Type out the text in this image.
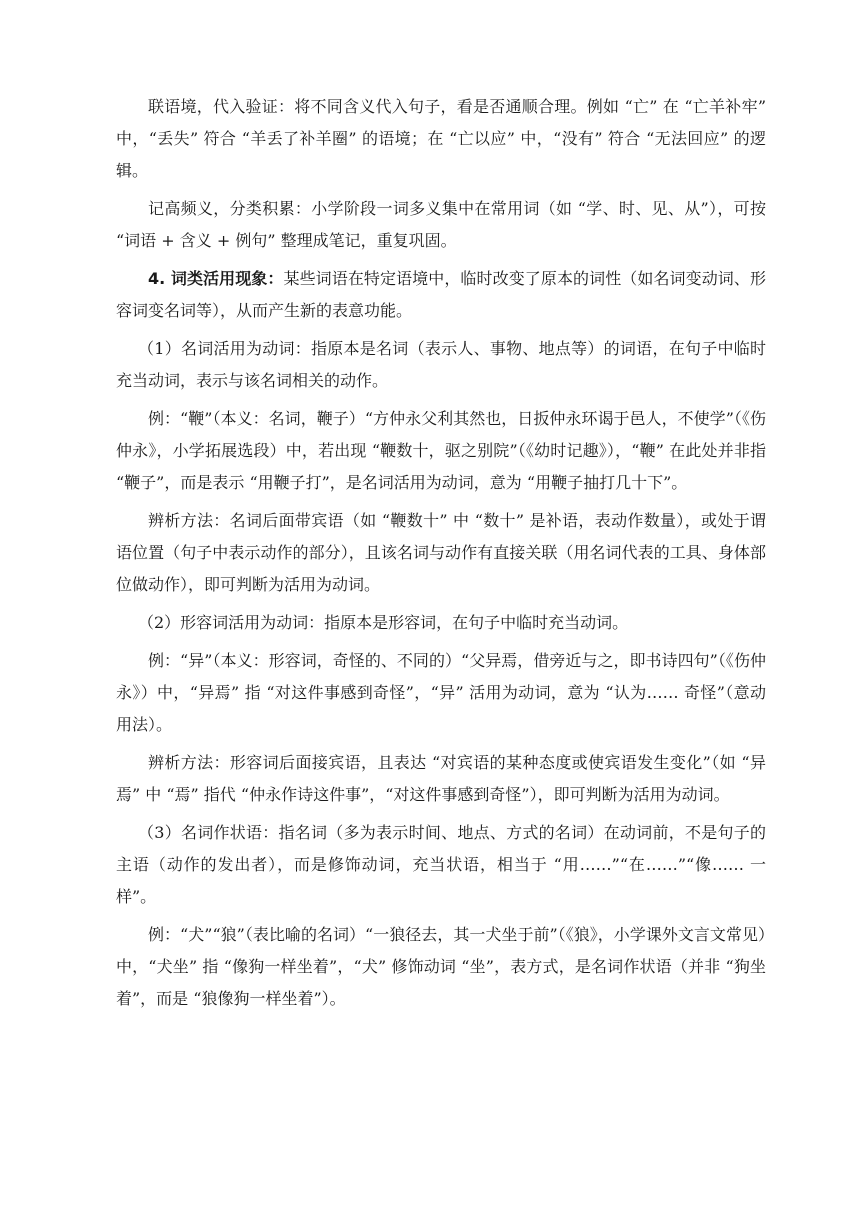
联语境，代入验证：将不同含义代入句子，看是否通顺合理。例如 “亡” 在 “亡羊补牢” 中，“丢失” 符合 “羊丢了补羊圈” 的语境；在 “亡以应” 中，“没有” 符合 “无法回应” 的逻辑。

记高频义，分类积累：小学阶段一词多义集中在常用词（如 “学、时、见、从”），可按 “词语 + 含义 + 例句” 整理成笔记，重复巩固。

4. 词类活用现象：某些词语在特定语境中，临时改变了原本的词性（如名词变动词、形容词变名词等），从而产生新的表意功能。

（1）名词活用为动词：指原本是名词（表示人、事物、地点等）的词语，在句子中临时充当动词，表示与该名词相关的动作。

例：“鞭”（本义：名词，鞭子）“方仲永父利其然也，日扳仲永环谒于邑人，不使学”（《伤仲永》，小学拓展选段）中，若出现 “鞭数十，驱之别院”（《幼时记趣》），“鞭” 在此处并非指 “鞭子”，而是表示 “用鞭子打”，是名词活用为动词，意为 “用鞭子抽打几十下”。

辨析方法：名词后面带宾语（如 “鞭数十” 中 “数十” 是补语，表动作数量），或处于谓语位置（句子中表示动作的部分），且该名词与动作有直接关联（用名词代表的工具、身体部位做动作），即可判断为活用为动词。

（2）形容词活用为动词：指原本是形容词，在句子中临时充当动词。

例：“异”（本义：形容词，奇怪的、不同的）“父异焉，借旁近与之，即书诗四句”（《伤仲永》）中，“异焉” 指 “对这件事感到奇怪”，“异” 活用为动词，意为 “认为…… 奇怪”（意动用法）。

辨析方法：形容词后面接宾语，且表达 “对宾语的某种态度或使宾语发生变化”（如 “异焉” 中 “焉” 指代 “仲永作诗这件事”，“对这件事感到奇怪”），即可判断为活用为动词。

（3）名词作状语：指名词（多为表示时间、地点、方式的名词）在动词前，不是句子的主语（动作的发出者），而是修饰动词，充当状语，相当于 “用……”“在……”“像…… 一样”。

例：“犬”“狼”（表比喻的名词）“一狼径去，其一犬坐于前”（《狼》，小学课外文言文常见）中，“犬坐” 指 “像狗一样坐着”，“犬” 修饰动词 “坐”，表方式，是名词作状语（并非 “狗坐着”，而是 “狼像狗一样坐着”）。
